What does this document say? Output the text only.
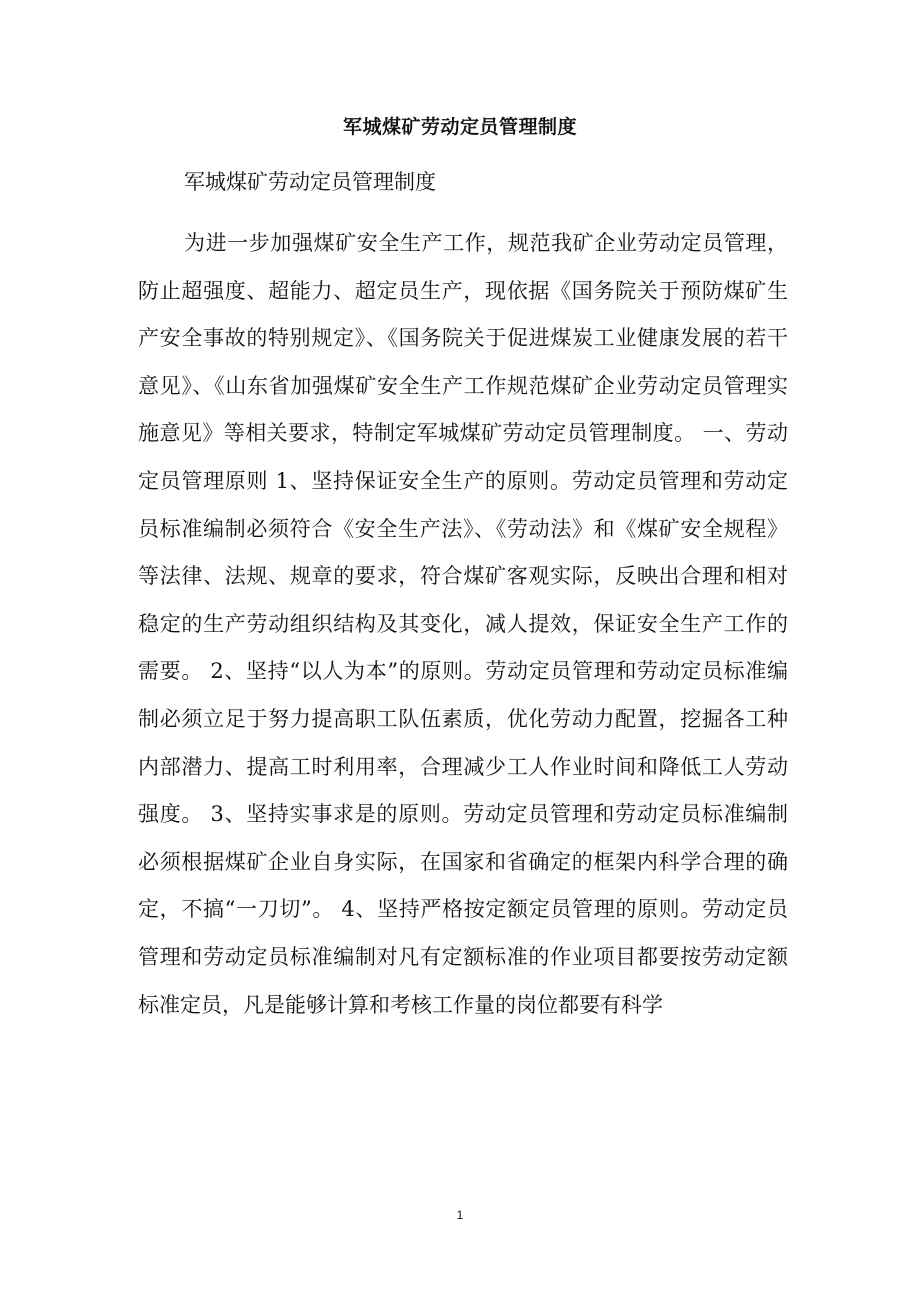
军城煤矿劳动定员管理制度
军城煤矿劳动定员管理制度

为进一步加强煤矿安全生产工作，规范我矿企业劳动定员管理，防止超强度、超能力、超定员生产，现依据《国务院关于预防煤矿生产安全事故的特别规定》、《国务院关于促进煤炭工业健康发展的若干意见》、《山东省加强煤矿安全生产工作规范煤矿企业劳动定员管理实施意见》等相关要求，特制定军城煤矿劳动定员管理制度。 一、劳动定员管理原则 1、坚持保证安全生产的原则。劳动定员管理和劳动定员标准编制必须符合《安全生产法》、《劳动法》和《煤矿安全规程》等法律、法规、规章的要求，符合煤矿客观实际，反映出合理和相对稳定的生产劳动组织结构及其变化，减人提效，保证安全生产工作的需要。 2、坚持“以人为本”的原则。劳动定员管理和劳动定员标准编制必须立足于努力提高职工队伍素质，优化劳动力配置，挖掘各工种内部潜力、提高工时利用率，合理减少工人作业时间和降低工人劳动强度。 3、坚持实事求是的原则。劳动定员管理和劳动定员标准编制必须根据煤矿企业自身实际，在国家和省确定的框架内科学合理的确定，不搞“一刀切”。 4、坚持严格按定额定员管理的原则。劳动定员管理和劳动定员标准编制对凡有定额标准的作业项目都要按劳动定额标准定员，凡是能够计算和考核工作量的岗位都要有科学

1
